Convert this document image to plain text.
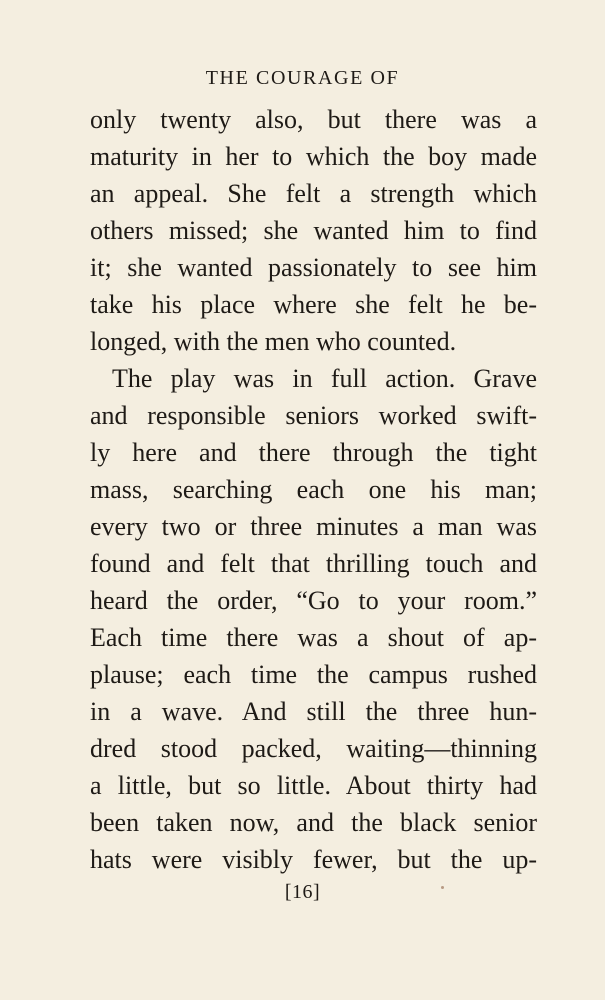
THE COURAGE OF
only twenty also, but there was a
maturity in her to which the boy made
an appeal. She felt a strength which
others missed; she wanted him to find
it; she wanted passionately to see him
take his place where she felt he be-
longed, with the men who counted.
The play was in full action. Grave
and responsible seniors worked swift-
ly here and there through the tight
mass, searching each one his man;
every two or three minutes a man was
found and felt that thrilling touch and
heard the order, “Go to your room.”
Each time there was a shout of ap-
plause; each time the campus rushed
in a wave. And still the three hun-
dred stood packed, waiting—thinning
a little, but so little. About thirty had
been taken now, and the black senior
hats were visibly fewer, but the up-
[16]
